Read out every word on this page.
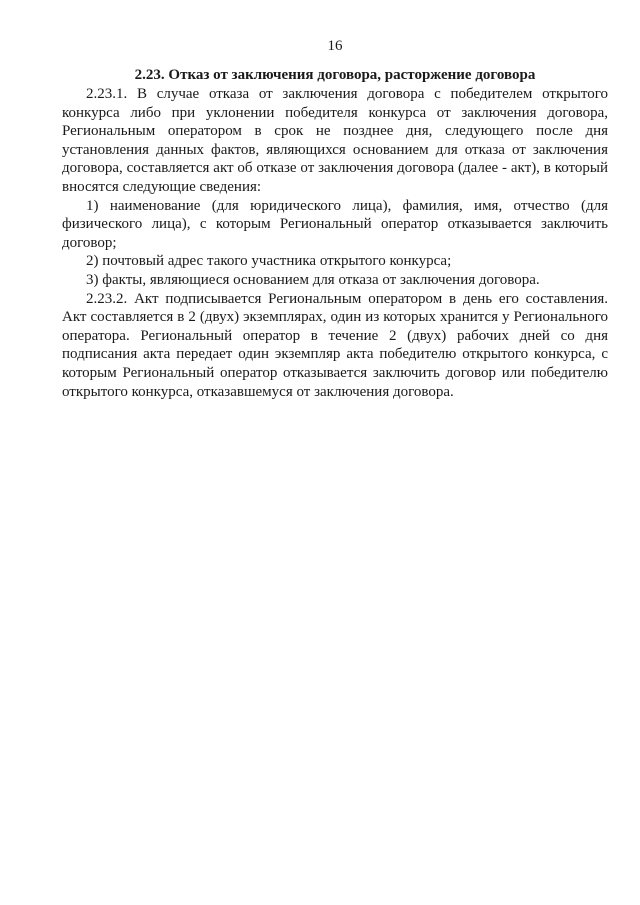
16
2.23. Отказ от заключения договора, расторжение договора

2.23.1. В случае отказа от заключения договора с победителем открытого конкурса либо при уклонении победителя конкурса от заключения договора, Региональным оператором в срок не позднее дня, следующего после дня установления данных фактов, являющихся основанием для отказа от заключения договора, составляется акт об отказе от заключения договора (далее - акт), в который вносятся следующие сведения:

1) наименование (для юридического лица), фамилия, имя, отчество (для физического лица), с которым Региональный оператор отказывается заключить договор;

2) почтовый адрес такого участника открытого конкурса;

3) факты, являющиеся основанием для отказа от заключения договора.

2.23.2. Акт подписывается Региональным оператором в день его составления. Акт составляется в 2 (двух) экземплярах, один из которых хранится у Регионального оператора. Региональный оператор в течение 2 (двух) рабочих дней со дня подписания акта передает один экземпляр акта победителю открытого конкурса, с которым Региональный оператор отказывается заключить договор или победителю открытого конкурса, отказавшемуся от заключения договора.
